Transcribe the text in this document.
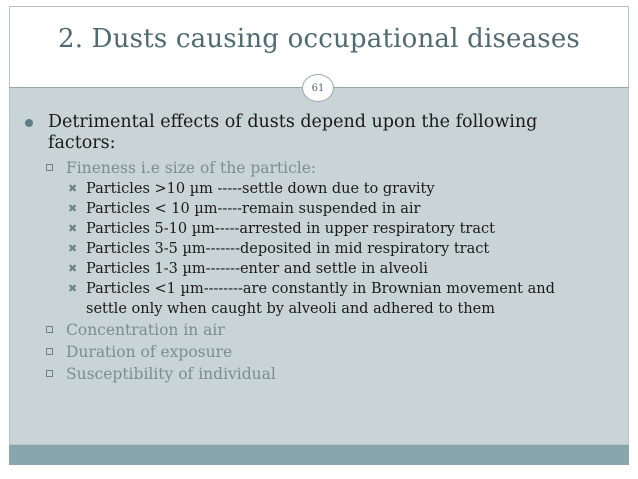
2. Dusts causing occupational diseases
61
Detrimental effects of dusts depend upon the following factors:
Fineness i.e size of the particle:
✖ Particles >10 µm -----settle down due to gravity
✖ Particles < 10 µm-----remain suspended in air
✖ Particles 5-10 µm-----arrested in upper respiratory tract
✖ Particles 3-5 µm-------deposited in mid respiratory tract
✖ Particles 1-3 µm-------enter and settle in alveoli
✖ Particles <1 µm--------are constantly in Brownian movement and settle only when caught by alveoli and adhered to them
Concentration in air
Duration of exposure
Susceptibility of individual
